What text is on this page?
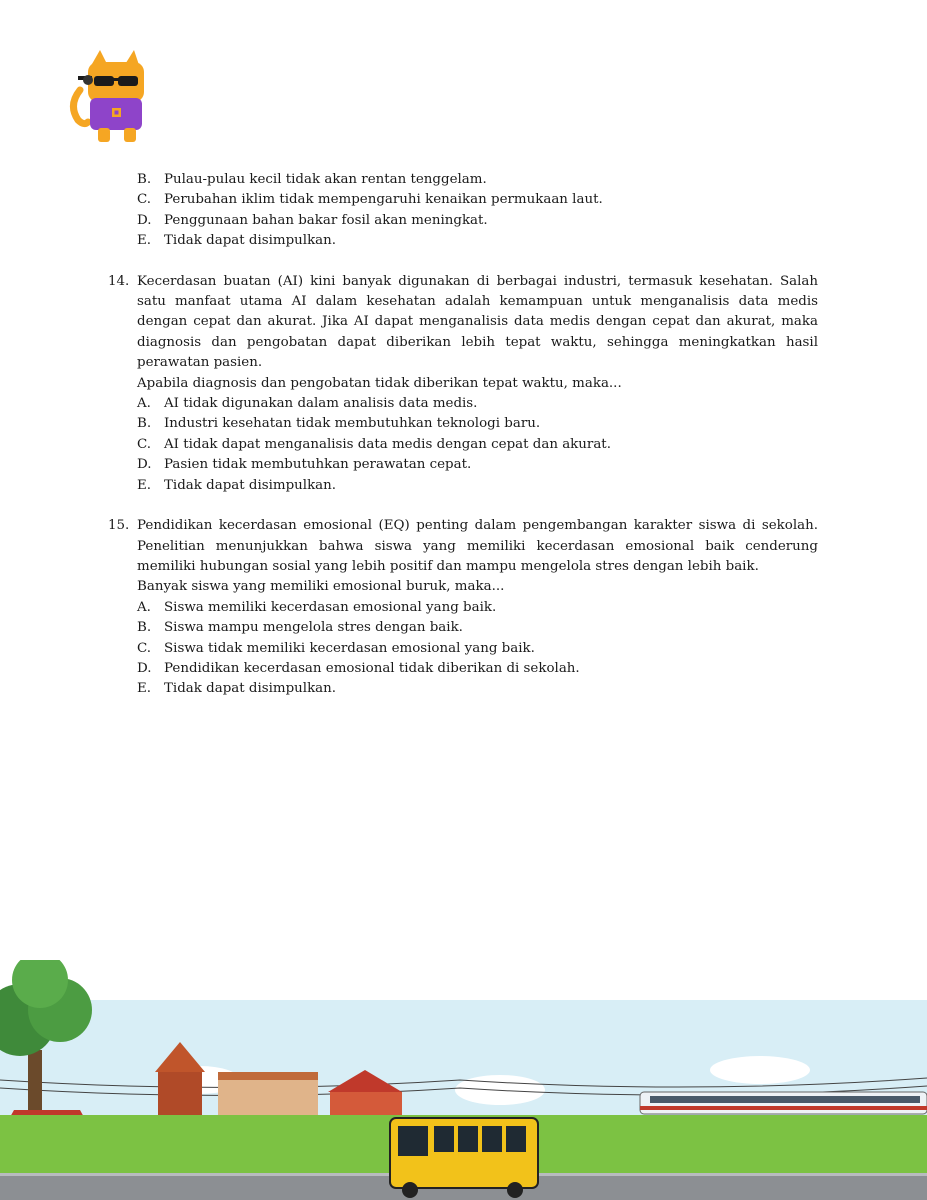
B. Pulau-pulau kecil tidak akan rentan tenggelam.
C. Perubahan iklim tidak mempengaruhi kenaikan permukaan laut.
D. Penggunaan bahan bakar fosil akan meningkat.
E. Tidak dapat disimpulkan.
14. Kecerdasan buatan (AI) kini banyak digunakan di berbagai industri, termasuk kesehatan. Salah satu manfaat utama AI dalam kesehatan adalah kemampuan untuk menganalisis data medis dengan cepat dan akurat. Jika AI dapat menganalisis data medis dengan cepat dan akurat, maka diagnosis dan pengobatan dapat diberikan lebih tepat waktu, sehingga meningkatkan hasil perawatan pasien.
Apabila diagnosis dan pengobatan tidak diberikan tepat waktu, maka...
A. AI tidak digunakan dalam analisis data medis.
B. Industri kesehatan tidak membutuhkan teknologi baru.
C. AI tidak dapat menganalisis data medis dengan cepat dan akurat.
D. Pasien tidak membutuhkan perawatan cepat.
E. Tidak dapat disimpulkan.
15. Pendidikan kecerdasan emosional (EQ) penting dalam pengembangan karakter siswa di sekolah. Penelitian menunjukkan bahwa siswa yang memiliki kecerdasan emosional baik cenderung memiliki hubungan sosial yang lebih positif dan mampu mengelola stres dengan lebih baik.
Banyak siswa yang memiliki emosional buruk, maka...
A. Siswa memiliki kecerdasan emosional yang baik.
B. Siswa mampu mengelola stres dengan baik.
C. Siswa tidak memiliki kecerdasan emosional yang baik.
D. Pendidikan kecerdasan emosional tidak diberikan di sekolah.
E. Tidak dapat disimpulkan.
